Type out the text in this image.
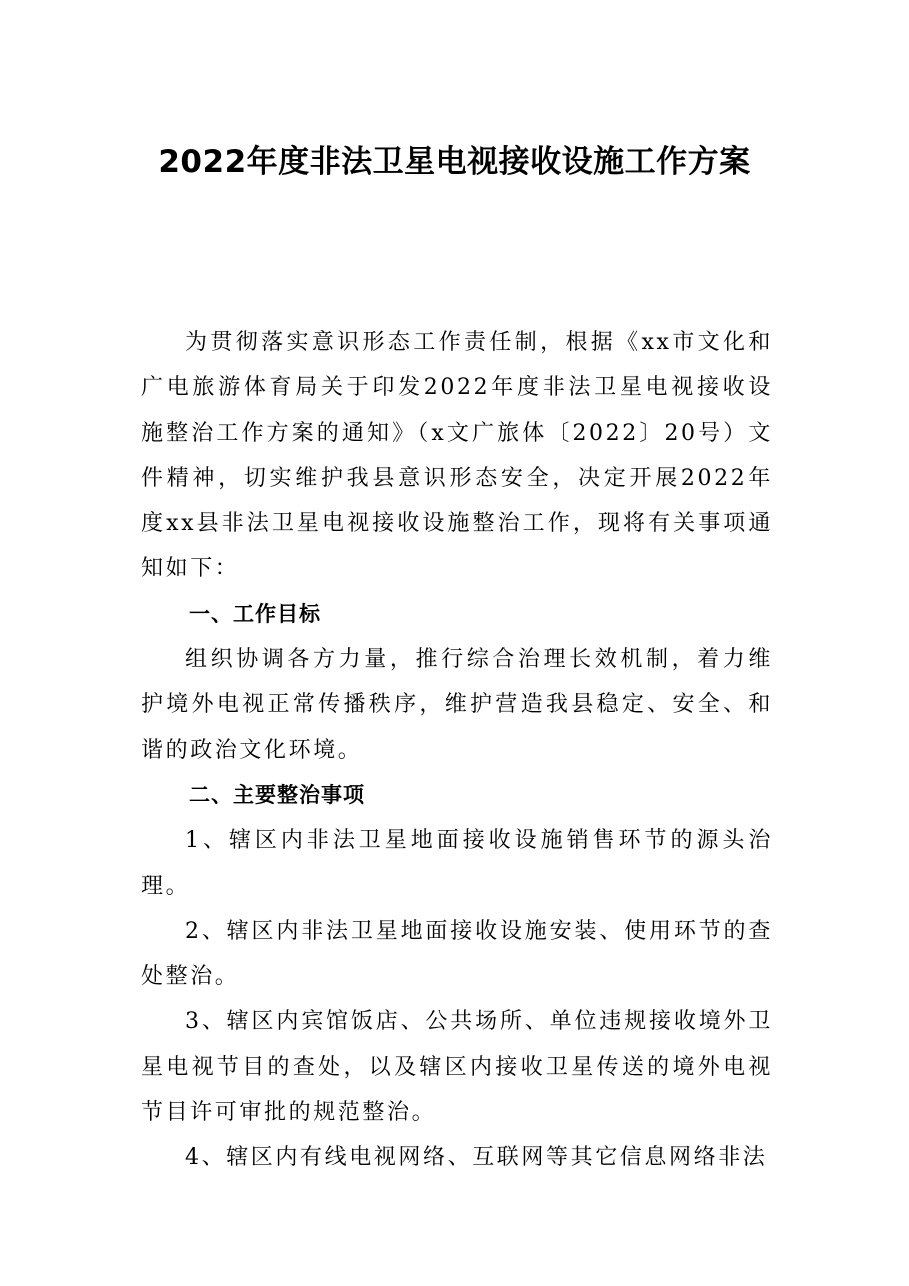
2022年度非法卫星电视接收设施工作方案

为贯彻落实意识形态工作责任制，根据《xx市文化和广电旅游体育局关于印发2022年度非法卫星电视接收设施整治工作方案的通知》（x文广旅体〔2022〕20号）文件精神，切实维护我县意识形态安全，决定开展2022年度xx县非法卫星电视接收设施整治工作，现将有关事项通知如下：

一、工作目标

组织协调各方力量，推行综合治理长效机制，着力维护境外电视正常传播秩序，维护营造我县稳定、安全、和谐的政治文化环境。

二、主要整治事项

1、辖区内非法卫星地面接收设施销售环节的源头治理。

2、辖区内非法卫星地面接收设施安装、使用环节的查处整治。

3、辖区内宾馆饭店、公共场所、单位违规接收境外卫星电视节目的查处，以及辖区内接收卫星传送的境外电视节目许可审批的规范整治。

4、辖区内有线电视网络、互联网等其它信息网络非法
